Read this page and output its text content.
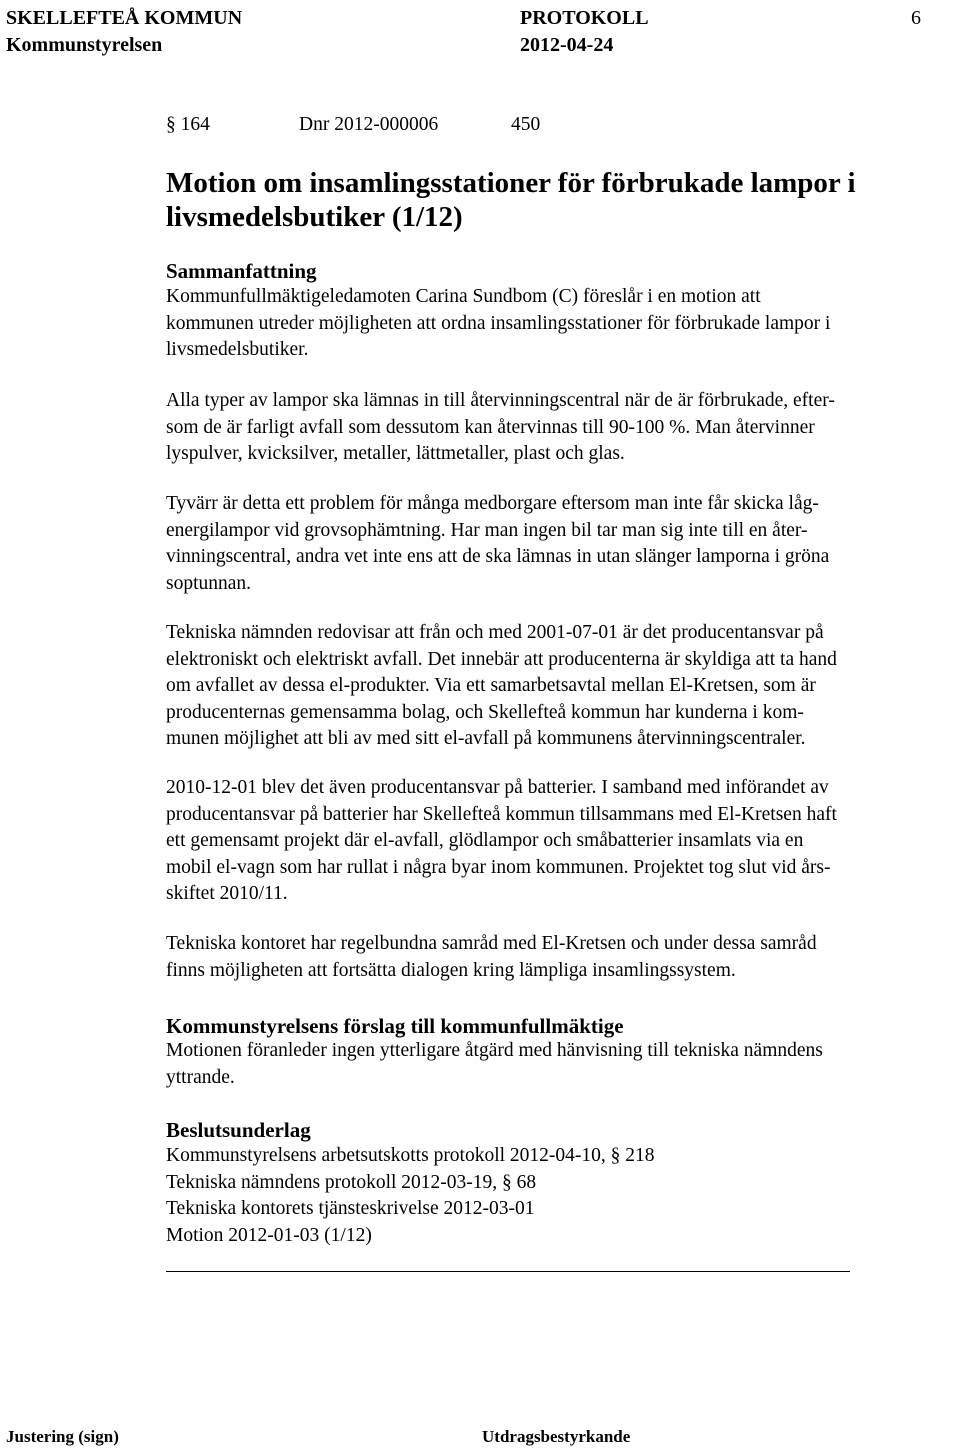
SKELLEFTEÅ KOMMUN	PROTOKOLL	6
Kommunstyrelsen	2012-04-24
§ 164	Dnr 2012-000006	450
Motion om insamlingsstationer för förbrukade lampor i
livsmedelsbutiker (1/12)
Sammanfattning
Kommunfullmäktigeledamoten Carina Sundbom (C) föreslår i en motion att
kommunen utreder möjligheten att ordna insamlingsstationer för förbrukade lampor i
livsmedelsbutiker.
Alla typer av lampor ska lämnas in till återvinningscentral när de är förbrukade, efter-
som de är farligt avfall som dessutom kan återvinnas till 90-100 %. Man återvinner
lyspulver, kvicksilver, metaller, lättmetaller, plast och glas.
Tyvärr är detta ett problem för många medborgare eftersom man inte får skicka låg-
energilampor vid grovsophämtning. Har man ingen bil tar man sig inte till en åter-
vinningscentral, andra vet inte ens att de ska lämnas in utan slänger lamporna i gröna
soptunnan.
Tekniska nämnden redovisar att från och med 2001-07-01 är det producentansvar på
elektroniskt och elektriskt avfall. Det innebär att producenterna är skyldiga att ta hand
om avfallet av dessa el-produkter. Via ett samarbetsavtal mellan El-Kretsen, som är
producenternas gemensamma bolag, och Skellefteå kommun har kunderna i kom-
munen möjlighet att bli av med sitt el-avfall på kommunens återvinningscentraler.
2010-12-01 blev det även producentansvar på batterier. I samband med införandet av
producentansvar på batterier har Skellefteå kommun tillsammans med El-Kretsen haft
ett gemensamt projekt där el-avfall, glödlampor och småbatterier insamlats via en
mobil el-vagn som har rullat i några byar inom kommunen. Projektet tog slut vid års-
skiftet 2010/11.
Tekniska kontoret har regelbundna samråd med El-Kretsen och under dessa samråd
finns möjligheten att fortsätta dialogen kring lämpliga insamlingssystem.
Kommunstyrelsens förslag till kommunfullmäktige
Motionen föranleder ingen ytterligare åtgärd med hänvisning till tekniska nämndens
yttrande.
Beslutsunderlag
Kommunstyrelsens arbetsutskotts protokoll 2012-04-10, § 218
Tekniska nämndens protokoll 2012-03-19, § 68
Tekniska kontorets tjänsteskrivelse 2012-03-01
Motion 2012-01-03 (1/12)
Justering (sign)	Utdragsbestyrkande
